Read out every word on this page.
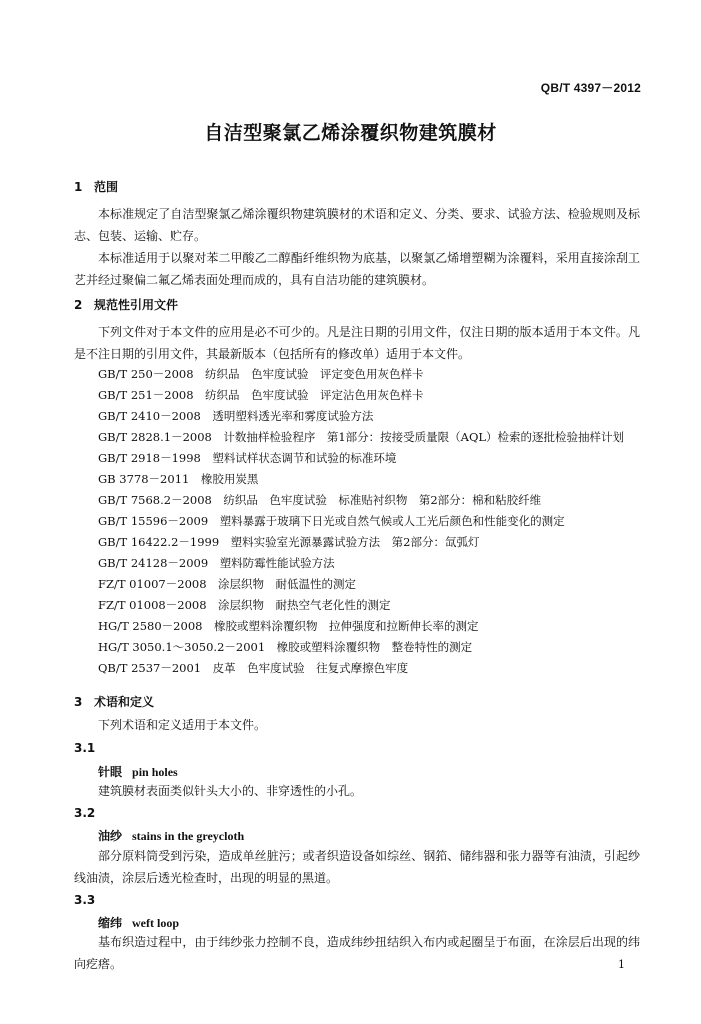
QB/T 4397－2012
自洁型聚氯乙烯涂覆织物建筑膜材
1 范围
本标准规定了自洁型聚氯乙烯涂覆织物建筑膜材的术语和定义、分类、要求、试验方法、检验规则及标志、包装、运输、贮存。
本标准适用于以聚对苯二甲酸乙二醇酯纤维织物为底基，以聚氯乙烯增塑糊为涂覆料，采用直接涂刮工艺并经过聚偏二氟乙烯表面处理而成的，具有自洁功能的建筑膜材。
2 规范性引用文件
下列文件对于本文件的应用是必不可少的。凡是注日期的引用文件，仅注日期的版本适用于本文件。凡是不注日期的引用文件，其最新版本（包括所有的修改单）适用于本文件。
GB/T 250－2008　纺织品　色牢度试验　评定变色用灰色样卡
GB/T 251－2008　纺织品　色牢度试验　评定沾色用灰色样卡
GB/T 2410－2008　透明塑料透光率和雾度试验方法
GB/T 2828.1－2008　计数抽样检验程序　第1部分：按接受质量限（AQL）检索的逐批检验抽样计划
GB/T 2918－1998　塑料试样状态调节和试验的标准环境
GB 3778－2011　橡胶用炭黑
GB/T 7568.2－2008　纺织品　色牢度试验　标准贴衬织物　第2部分：棉和粘胶纤维
GB/T 15596－2009　塑料暴露于玻璃下日光或自然气候或人工光后颜色和性能变化的测定
GB/T 16422.2－1999　塑料实验室光源暴露试验方法　第2部分：氙弧灯
GB/T 24128－2009　塑料防霉性能试验方法
FZ/T 01007－2008　涂层织物　耐低温性的测定
FZ/T 01008－2008　涂层织物　耐热空气老化性的测定
HG/T 2580－2008　橡胶或塑料涂覆织物　拉伸强度和拉断伸长率的测定
HG/T 3050.1～3050.2－2001　橡胶或塑料涂覆织物　整卷特性的测定
QB/T 2537－2001　皮革　色牢度试验　往复式摩擦色牢度
3 术语和定义
下列术语和定义适用于本文件。
3.1
针眼 pin holes
建筑膜材表面类似针头大小的、非穿透性的小孔。
3.2
油纱 stains in the greycloth
部分原料筒受到污染，造成单丝脏污；或者织造设备如综丝、钢筘、储纬器和张力器等有油渍，引起纱线油渍，涂层后透光检查时，出现的明显的黑道。
3.3
缩纬 weft loop
基布织造过程中，由于纬纱张力控制不良，造成纬纱扭结织入布内或起圈呈于布面，在涂层后出现的纬向疙瘩。	1
